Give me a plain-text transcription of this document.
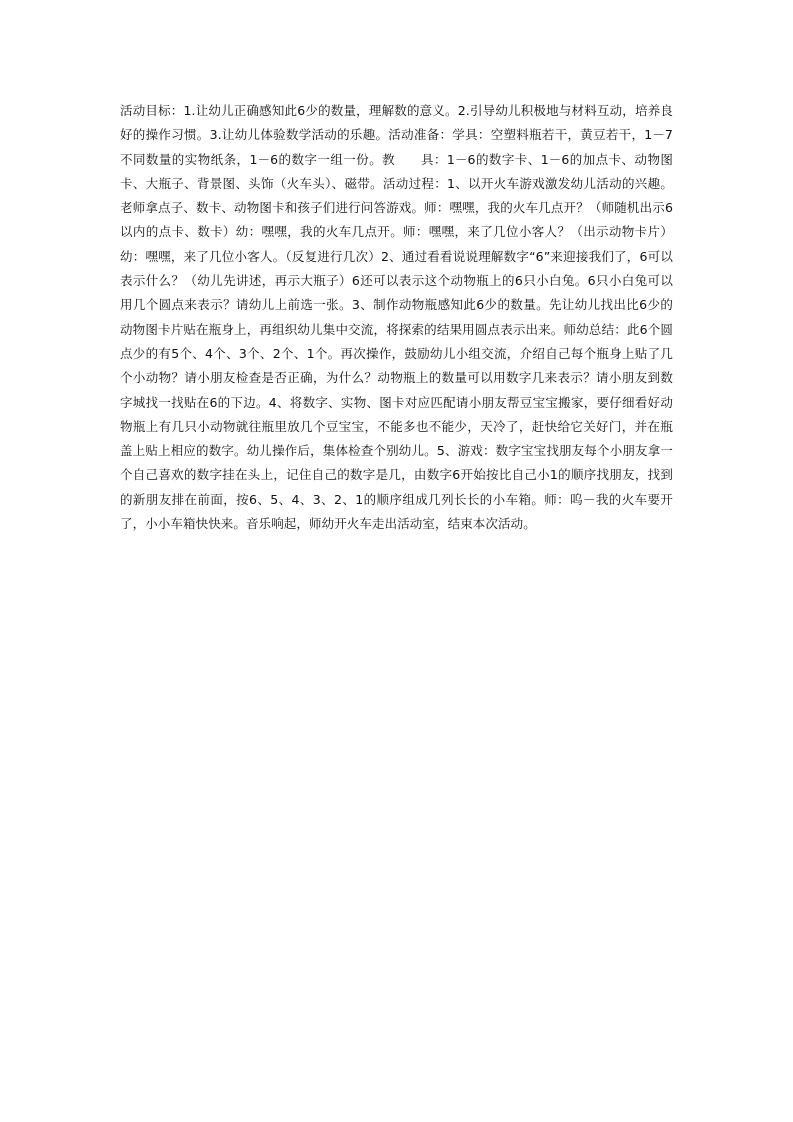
活动目标：1.让幼儿正确感知此6少的数量，理解数的意义。2.引导幼儿积极地与材料互动，培养良好的操作习惯。3.让幼儿体验数学活动的乐趣。活动准备：学具：空塑料瓶若干，黄豆若干，1－7不同数量的实物纸条，1－6的数字一组一份。教　　具：1－6的数字卡、1－6的加点卡、动物图卡、大瓶子、背景图、头饰（火车头）、磁带。活动过程：1、以开火车游戏激发幼儿活动的兴趣。老师拿点子、数卡、动物图卡和孩子们进行问答游戏。师：嘿嘿，我的火车几点开？（师随机出示6以内的点卡、数卡）幼：嘿嘿，我的火车几点开。师：嘿嘿，来了几位小客人？（出示动物卡片）幼：嘿嘿，来了几位小客人。（反复进行几次）2、通过看看说说理解数字“6”来迎接我们了，6可以表示什么？（幼儿先讲述，再示大瓶子）6还可以表示这个动物瓶上的6只小白兔。6只小白兔可以用几个圆点来表示？请幼儿上前选一张。3、制作动物瓶感知此6少的数量。先让幼儿找出比6少的动物图卡片贴在瓶身上，再组织幼儿集中交流，将探索的结果用圆点表示出来。师幼总结：此6个圆点少的有5个、4个、3个、2个、1个。再次操作，鼓励幼儿小组交流，介绍自己每个瓶身上贴了几个小动物？请小朋友检查是否正确，为什么？动物瓶上的数量可以用数字几来表示？请小朋友到数字城找一找贴在6的下边。4、将数字、实物、图卡对应匹配请小朋友帮豆宝宝搬家，要仔细看好动物瓶上有几只小动物就往瓶里放几个豆宝宝，不能多也不能少，天冷了，赶快给它关好门，并在瓶盖上贴上相应的数字。幼儿操作后，集体检查个别幼儿。5、游戏：数字宝宝找朋友每个小朋友拿一个自己喜欢的数字挂在头上，记住自己的数字是几，由数字6开始按比自己小1的顺序找朋友，找到的新朋友排在前面，按6、5、4、3、2、1的顺序组成几列长长的小车箱。师：呜－我的火车要开了，小小车箱快快来。音乐响起，师幼开火车走出活动室，结束本次活动。
